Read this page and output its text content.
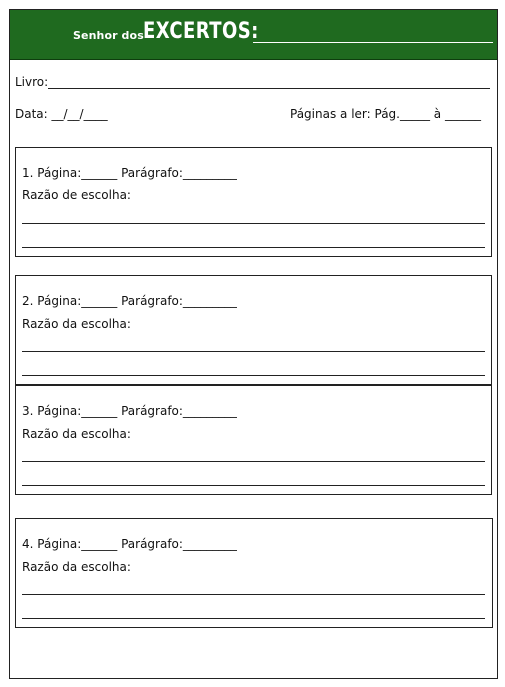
Senhor dos EXCERTOS:
Livro:
Data: __/__/____	Páginas a ler: Pág._____ à ______
1. Página:______ Parágrafo:_________
Razão de escolha:
2. Página:______ Parágrafo:_________
Razão da escolha:
3. Página:______ Parágrafo:_________
Razão da escolha:
4. Página:______ Parágrafo:_________
Razão da escolha:
